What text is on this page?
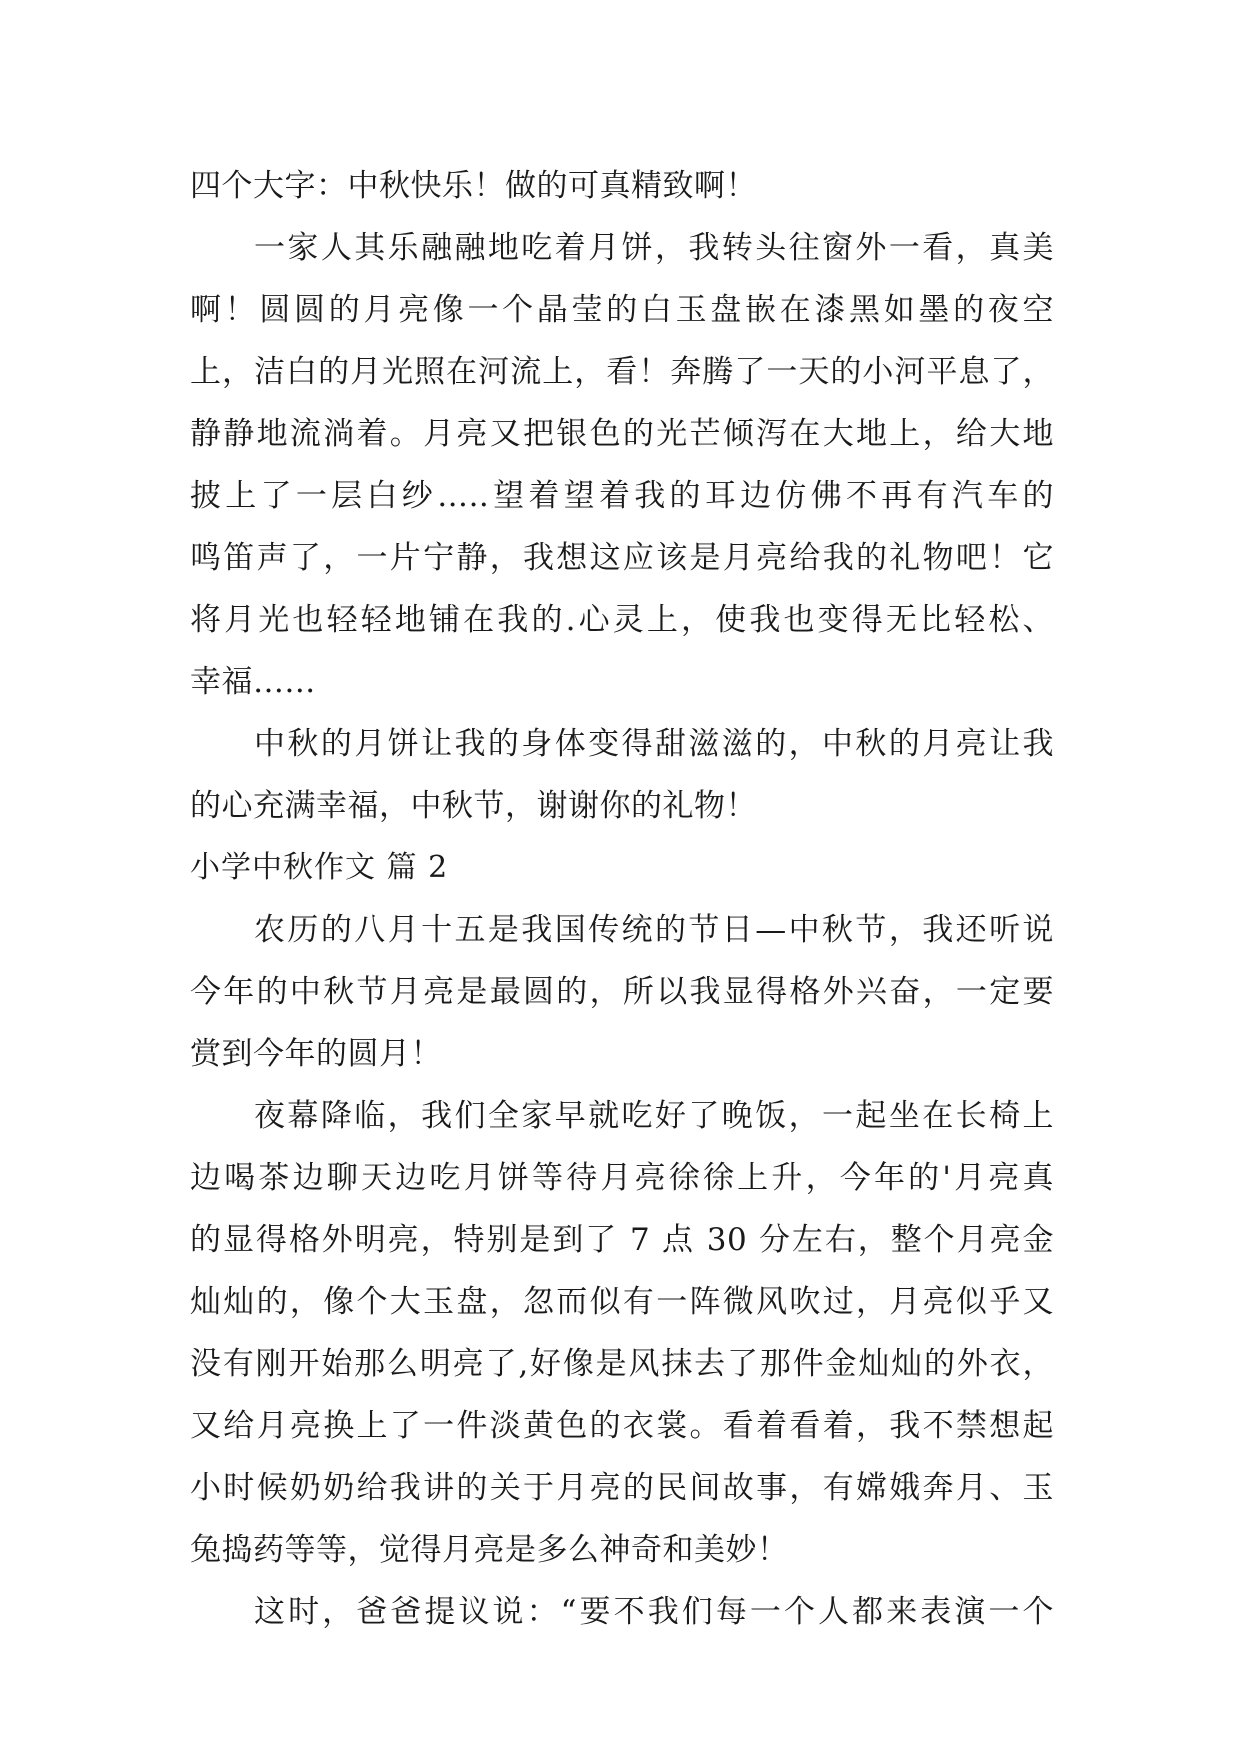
四个大字：中秋快乐！做的可真精致啊！
一家人其乐融融地吃着月饼，我转头往窗外一看，真美
啊！圆圆的月亮像一个晶莹的白玉盘嵌在漆黑如墨的夜空
上，洁白的月光照在河流上，看！奔腾了一天的小河平息了，
静静地流淌着。月亮又把银色的光芒倾泻在大地上，给大地
披上了一层白纱…..望着望着我的耳边仿佛不再有汽车的
鸣笛声了，一片宁静，我想这应该是月亮给我的礼物吧！它
将月光也轻轻地铺在我的.心灵上，使我也变得无比轻松、
幸福…...
中秋的月饼让我的身体变得甜滋滋的，中秋的月亮让我
的心充满幸福，中秋节，谢谢你的礼物！
小学中秋作文 篇 2
农历的八月十五是我国传统的节日—中秋节，我还听说
今年的中秋节月亮是最圆的，所以我显得格外兴奋，一定要
赏到今年的圆月！
夜幕降临，我们全家早就吃好了晚饭，一起坐在长椅上
边喝茶边聊天边吃月饼等待月亮徐徐上升，今年的'月亮真
的显得格外明亮，特别是到了 7 点 30 分左右，整个月亮金
灿灿的，像个大玉盘，忽而似有一阵微风吹过，月亮似乎又
没有刚开始那么明亮了,好像是风抹去了那件金灿灿的外衣，
又给月亮换上了一件淡黄色的衣裳。看着看着，我不禁想起
小时候奶奶给我讲的关于月亮的民间故事，有嫦娥奔月、玉
兔捣药等等，觉得月亮是多么神奇和美妙！
这时，爸爸提议说：“要不我们每一个人都来表演一个
